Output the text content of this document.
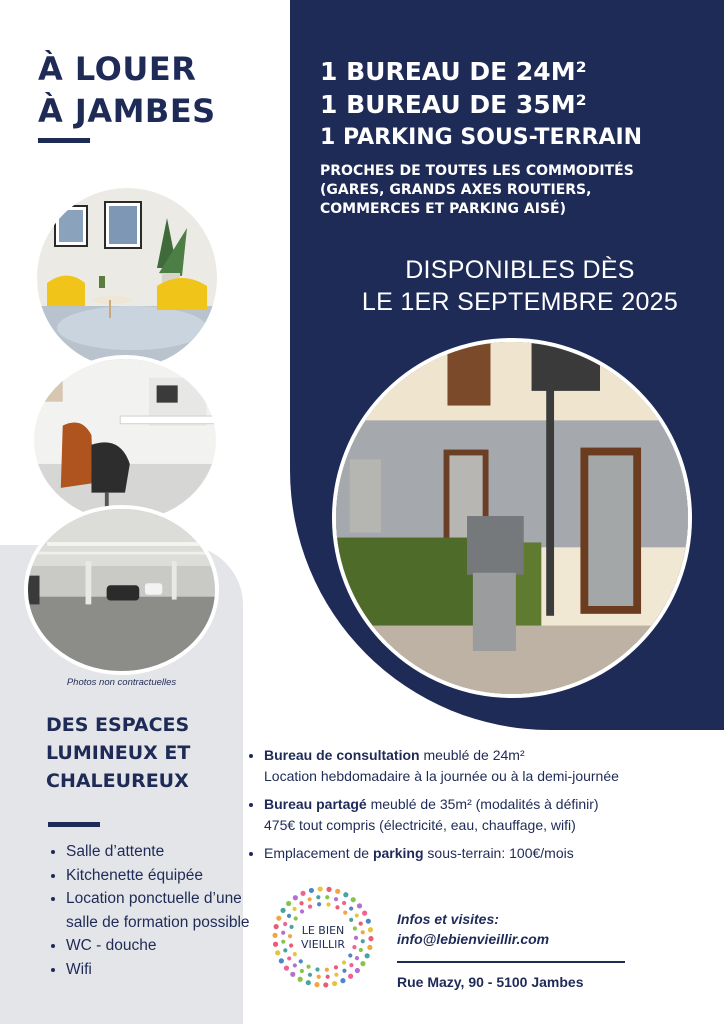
À LOUER
À JAMBES
1 BUREAU DE 24M²
1 BUREAU DE 35M²
1 PARKING SOUS-TERRAIN
PROCHES DE TOUTES LES COMMODITÉS
(GARES, GRANDS AXES ROUTIERS,
COMMERCES ET PARKING AISÉ)
DISPONIBLES DÈS
LE 1ER SEPTEMBRE 2025
Photos non contractuelles
DES ESPACES
LUMINEUX ET
CHALEUREUX
• Salle d’attente
• Kitchenette équipée
• Location ponctuelle d’une salle de formation possible
• WC - douche
• Wifi
• Bureau de consultation meublé de 24m²
Location hebdomadaire à la journée ou à la demi-journée
• Bureau partagé meublé de 35m² (modalités à définir)
475€ tout compris (électricité, eau, chauffage, wifi)
• Emplacement de parking sous-terrain: 100€/mois
LE BIEN
VIEILLIR
Infos et visites:
info@lebienvieillir.com
Rue Mazy, 90 - 5100 Jambes
